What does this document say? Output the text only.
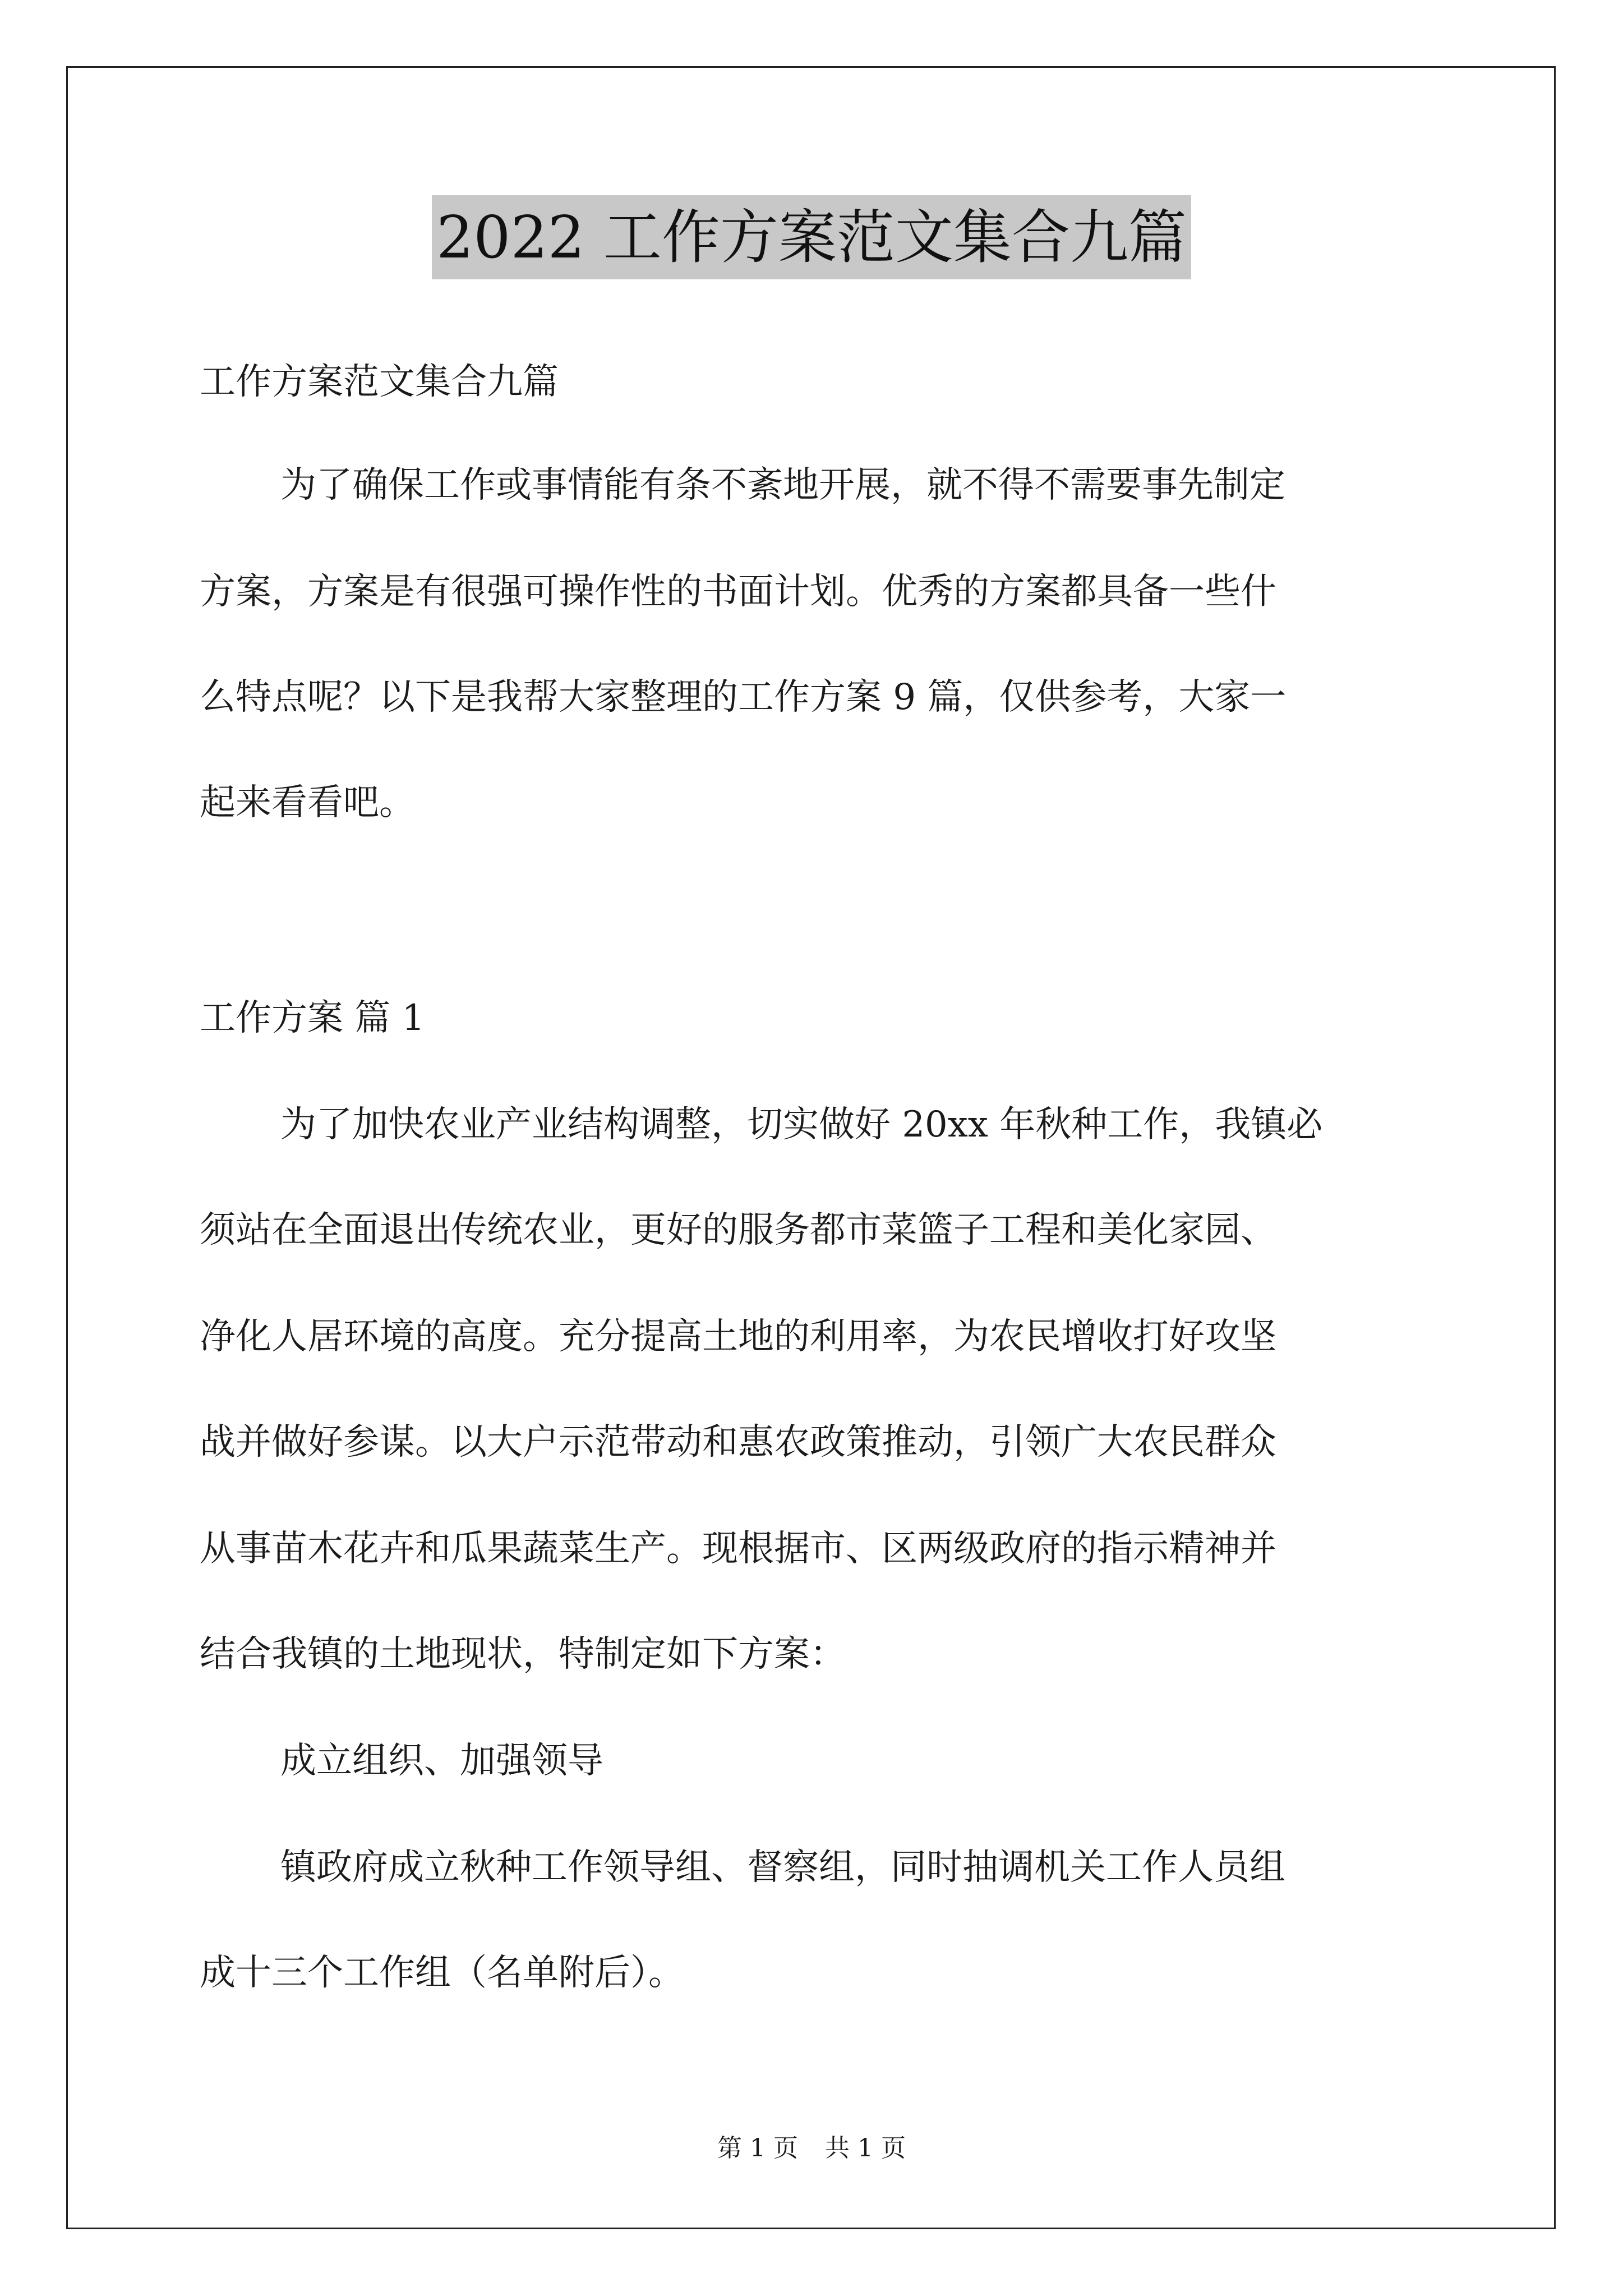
2022 工作方案范文集合九篇
工作方案范文集合九篇
为了确保工作或事情能有条不紊地开展，就不得不需要事先制定
方案，方案是有很强可操作性的书面计划。优秀的方案都具备一些什
么特点呢？以下是我帮大家整理的工作方案 9 篇，仅供参考，大家一
起来看看吧。
工作方案 篇 1
为了加快农业产业结构调整，切实做好 20xx 年秋种工作，我镇必
须站在全面退出传统农业，更好的服务都市菜篮子工程和美化家园、
净化人居环境的高度。充分提高土地的利用率，为农民增收打好攻坚
战并做好参谋。以大户示范带动和惠农政策推动，引领广大农民群众
从事苗木花卉和瓜果蔬菜生产。现根据市、区两级政府的指示精神并
结合我镇的土地现状，特制定如下方案：
成立组织、加强领导
镇政府成立秋种工作领导组、督察组，同时抽调机关工作人员组
成十三个工作组（名单附后）。
第 1 页 共 1 页
